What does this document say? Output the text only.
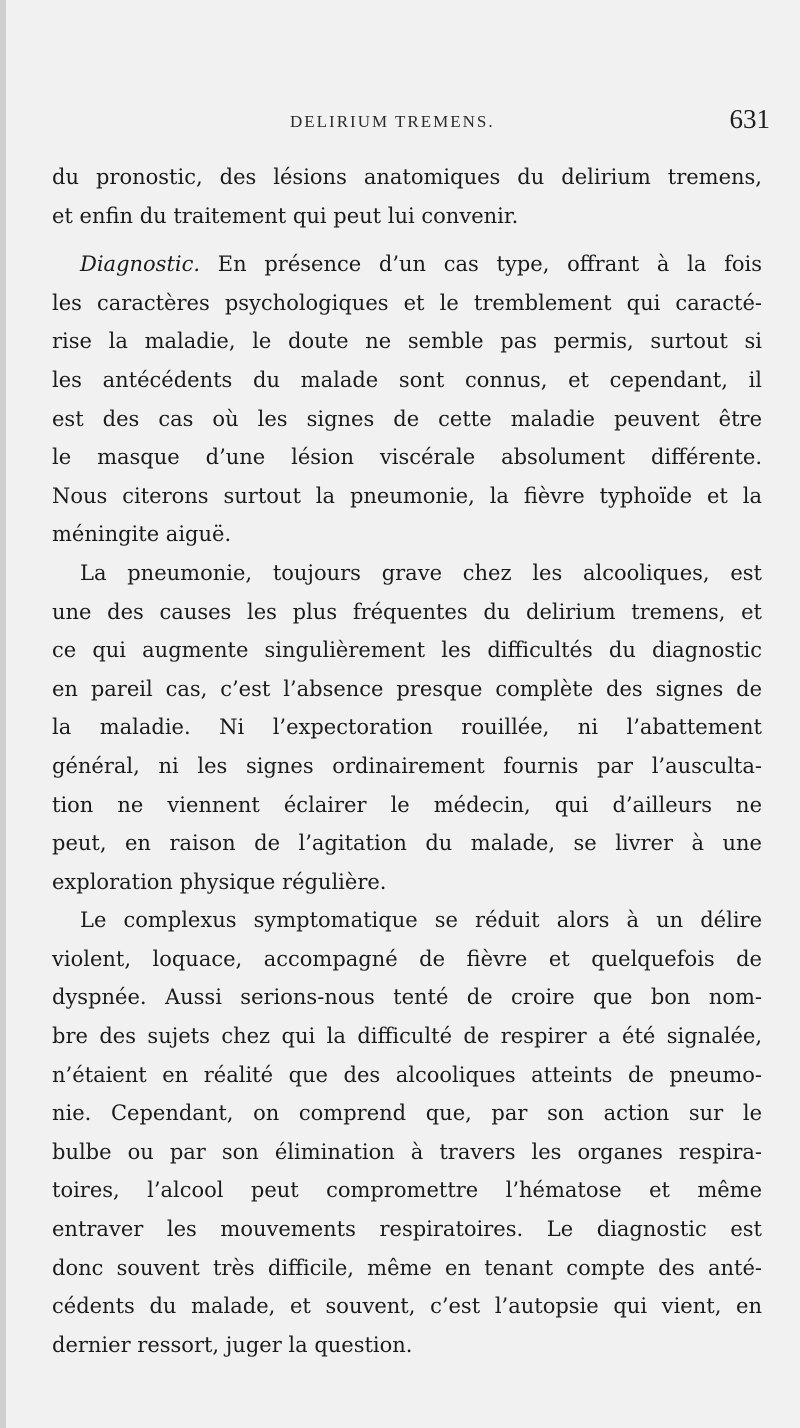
DELIRIUM TREMENS.	631

du pronostic, des lésions anatomiques du delirium tremens,
et enfin du traitement qui peut lui convenir.

Diagnostic. En présence d’un cas type, offrant à la fois
les caractères psychologiques et le tremblement qui caracté-
rise la maladie, le doute ne semble pas permis, surtout si
les antécédents du malade sont connus, et cependant, il
est des cas où les signes de cette maladie peuvent être
le masque d’une lésion viscérale absolument différente.
Nous citerons surtout la pneumonie, la fièvre typhoïde et la
méningite aiguë.

La pneumonie, toujours grave chez les alcooliques, est
une des causes les plus fréquentes du delirium tremens, et
ce qui augmente singulièrement les difficultés du diagnostic
en pareil cas, c’est l’absence presque complète des signes de
la maladie. Ni l’expectoration rouillée, ni l’abattement
général, ni les signes ordinairement fournis par l’ausculta-
tion ne viennent éclairer le médecin, qui d’ailleurs ne
peut, en raison de l’agitation du malade, se livrer à une
exploration physique régulière.

Le complexus symptomatique se réduit alors à un délire
violent, loquace, accompagné de fièvre et quelquefois de
dyspnée. Aussi serions-nous tenté de croire que bon nom-
bre des sujets chez qui la difficulté de respirer a été signalée,
n’étaient en réalité que des alcooliques atteints de pneumo-
nie. Cependant, on comprend que, par son action sur le
bulbe ou par son élimination à travers les organes respira-
toires, l’alcool peut compromettre l’hématose et même
entraver les mouvements respiratoires. Le diagnostic est
donc souvent très difficile, même en tenant compte des anté-
cédents du malade, et souvent, c’est l’autopsie qui vient, en
dernier ressort, juger la question.
